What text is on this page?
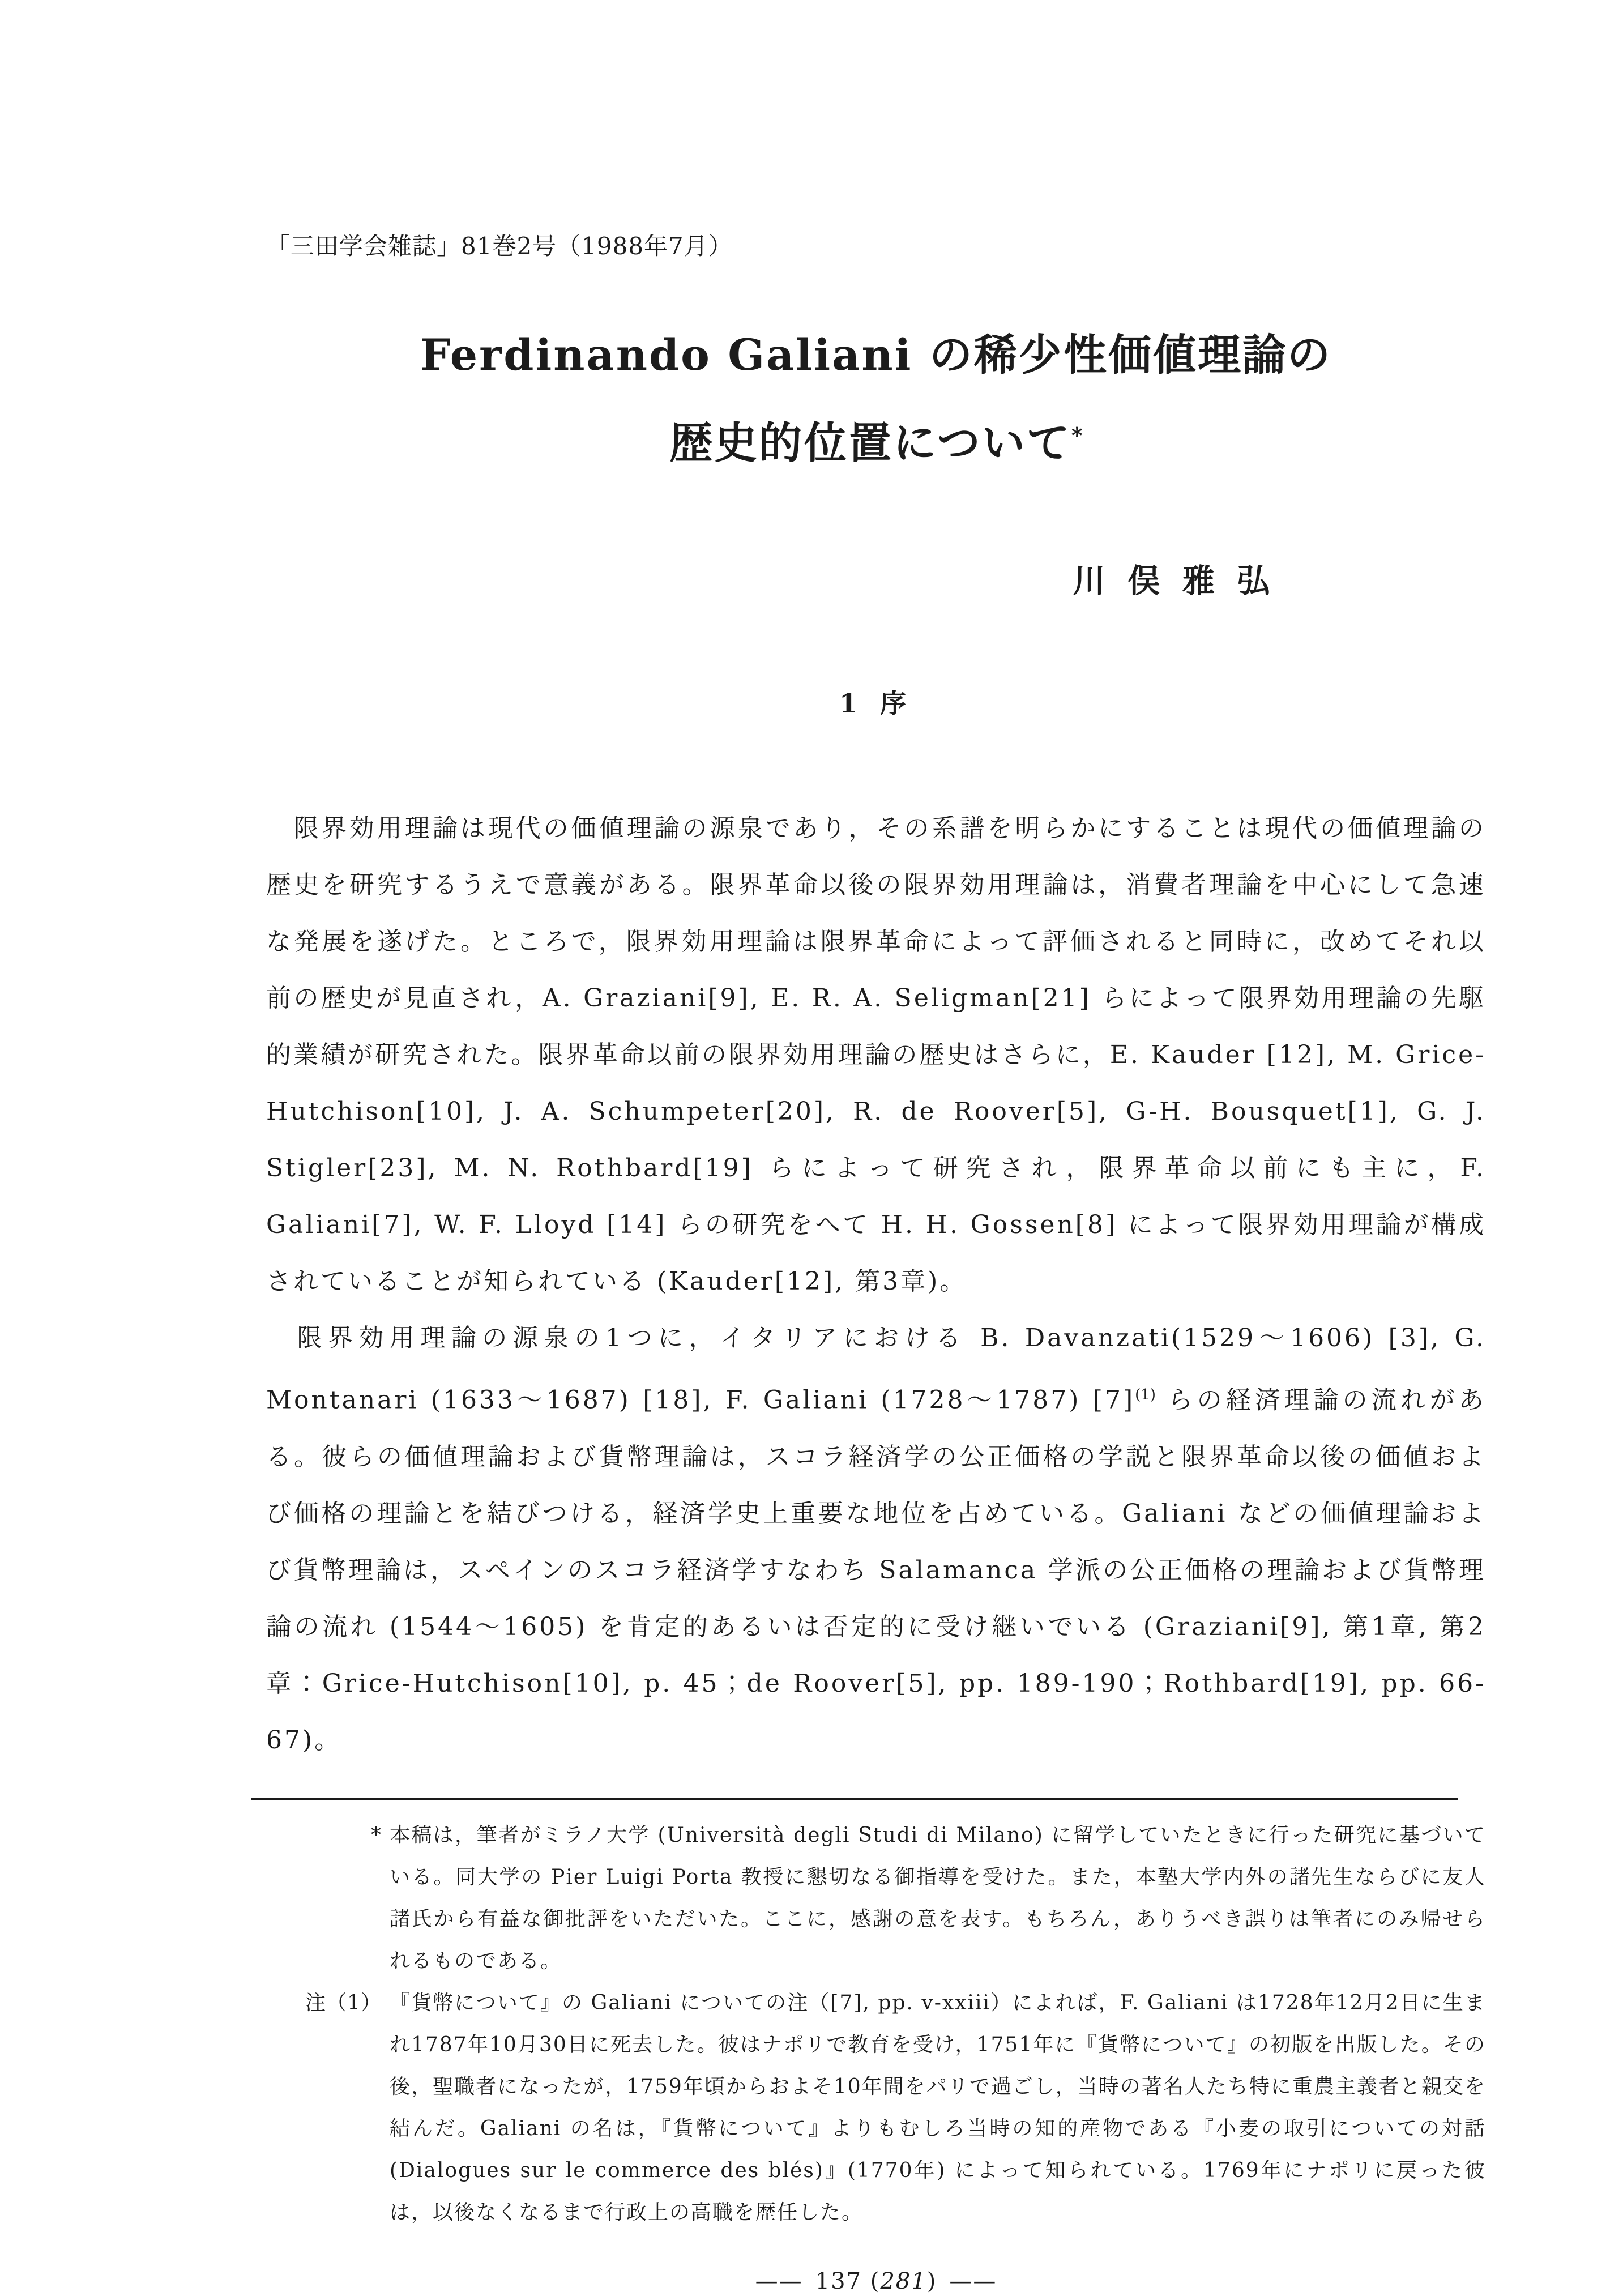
「三田学会雑誌」81巻2号（1988年7月）
Ferdinando Galiani の稀少性価値理論の
歴史的位置について*
川 俣 雅 弘
1 序

　限界効用理論は現代の価値理論の源泉であり，その系譜を明らかにすることは現代の価値理論の歴史を研究するうえで意義がある。限界革命以後の限界効用理論は，消費者理論を中心にして急速な発展を遂げた。ところで，限界効用理論は限界革命によって評価されると同時に，改めてそれ以前の歴史が見直され，A. Graziani[9], E. R. A. Seligman[21] らによって限界効用理論の先駆的業績が研究された。限界革命以前の限界効用理論の歴史はさらに，E. Kauder [12], M. Grice-Hutchison[10], J. A. Schumpeter[20], R. de Roover[5], G-H. Bousquet[1], G. J. Stigler[23], M. N. Rothbard[19] らによって研究され，限界革命以前にも主に，F. Galiani[7], W. F. Lloyd [14] らの研究をへて H. H. Gossen[8] によって限界効用理論が構成されていることが知られている (Kauder[12], 第3章)。

　限界効用理論の源泉の1つに，イタリアにおける B. Davanzati(1529〜1606) [3], G. Montanari (1633〜1687) [18], F. Galiani (1728〜1787) [7]$^{(1)}$ らの経済理論の流れがある。彼らの価値理論および貨幣理論は，スコラ経済学の公正価格の学説と限界革命以後の価値および価格の理論とを結びつける，経済学史上重要な地位を占めている。Galiani などの価値理論および貨幣理論は，スペインのスコラ経済学すなわち Salamanca 学派の公正価格の理論および貨幣理論の流れ (1544〜1605) を肯定的あるいは否定的に受け継いでいる (Graziani[9], 第1章, 第2章：Grice-Hutchison[10], p. 45；de Roover[5], pp. 189-190；Rothbard[19], pp. 66-67)。

* 本稿は，筆者がミラノ大学 (Università degli Studi di Milano) に留学していたときに行った研究に基づいている。同大学の Pier Luigi Porta 教授に懇切なる御指導を受けた。また，本塾大学内外の諸先生ならびに友人諸氏から有益な御批評をいただいた。ここに，感謝の意を表す。もちろん，ありうべき誤りは筆者にのみ帰せられるものである。
注（1） 『貨幣について』の Galiani についての注（[7], pp. v-xxiii）によれば，F. Galiani は1728年12月2日に生まれ1787年10月30日に死去した。彼はナポリで教育を受け，1751年に『貨幣について』の初版を出版した。その後，聖職者になったが，1759年頃からおよそ10年間をパリで過ごし，当時の著名人たち特に重農主義者と親交を結んだ。Galiani の名は，『貨幣について』よりもむしろ当時の知的産物である『小麦の取引についての対話 (Dialogues sur le commerce des blés)』(1770年) によって知られている。1769年にナポリに戻った彼は，以後なくなるまで行政上の高職を歴任した。
—— 137 (281) ——
